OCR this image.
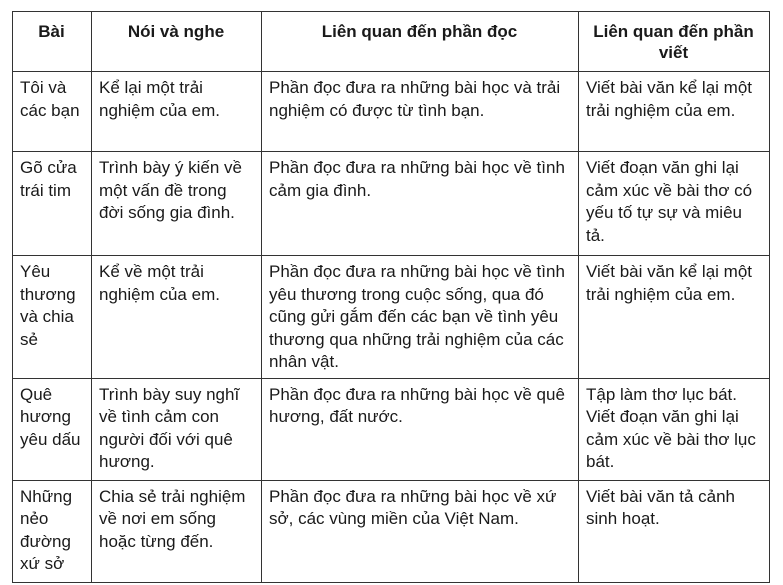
Bài	Nói và nghe	Liên quan đến phần đọc	Liên quan đến phần viết
Tôi và các bạn	Kể lại một trải nghiệm của em.	Phần đọc đưa ra những bài học và trải nghiệm có được từ tình bạn.	Viết bài văn kể lại một trải nghiệm của em.
Gõ cửa trái tim	Trình bày ý kiến về một vấn đề trong đời sống gia đình.	Phần đọc đưa ra những bài học về tình cảm gia đình.	Viết đoạn văn ghi lại cảm xúc về bài thơ có yếu tố tự sự và miêu tả.
Yêu thương và chia sẻ	Kể về một trải nghiệm của em.	Phần đọc đưa ra những bài học về tình yêu thương trong cuộc sống, qua đó cũng gửi gắm đến các bạn về tình yêu thương qua những trải nghiệm của các nhân vật.	Viết bài văn kể lại một trải nghiệm của em.
Quê hương yêu dấu	Trình bày suy nghĩ về tình cảm con người đối với quê hương.	Phần đọc đưa ra những bài học về quê hương, đất nước.	Tập làm thơ lục bát. Viết đoạn văn ghi lại cảm xúc về bài thơ lục bát.
Những nẻo đường xứ sở	Chia sẻ trải nghiệm về nơi em sống hoặc từng đến.	Phần đọc đưa ra những bài học về xứ sở, các vùng miền của Việt Nam.	Viết bài văn tả cảnh sinh hoạt.
